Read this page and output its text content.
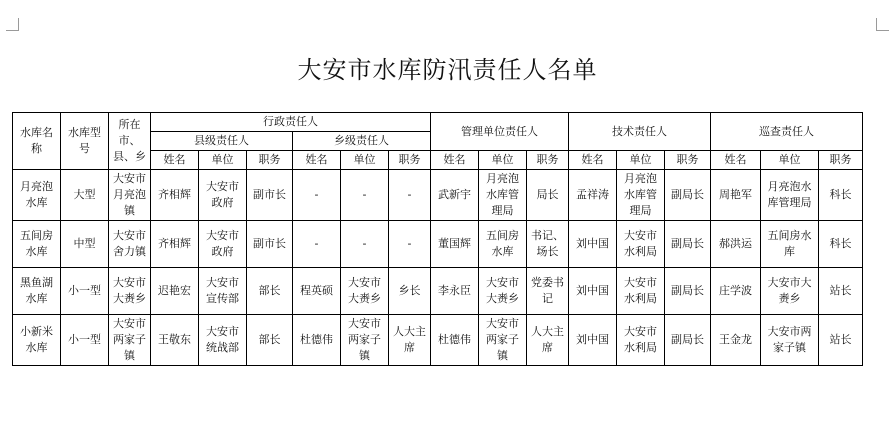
大安市水库防汛责任人名单
水库名称	水库型号	所在市、县、乡	行政责任人						管理单位责任人			技术责任人			巡查责任人		
			县级责任人			乡级责任人											
			姓名	单位	职务	姓名	单位	职务	姓名	单位	职务	姓名	单位	职务	姓名	单位	职务
月亮泡水库	大型	大安市月亮泡镇	齐相辉	大安市政府	副市长	-	-	-	武新宇	月亮泡水库管理局	局长	孟祥涛	月亮泡水库管理局	副局长	周艳军	月亮泡水库管理局	科长
五间房水库	中型	大安市舍力镇	齐相辉	大安市政府	副市长	-	-	-	董国辉	五间房水库	书记、场长	刘中国	大安市水利局	副局长	郝洪运	五间房水库	科长
黑鱼湖水库	小一型	大安市大赉乡	迟艳宏	大安市宣传部	部长	程英硕	大安市大赉乡	乡长	李永臣	大安市大赉乡	党委书记	刘中国	大安市水利局	副局长	庄学波	大安市大赉乡	站长
小新米水库	小一型	大安市两家子镇	王敬东	大安市统战部	部长	杜德伟	大安市两家子镇	人大主席	杜德伟	大安市两家子镇	人大主席	刘中国	大安市水利局	副局长	王金龙	大安市两家子镇	站长
